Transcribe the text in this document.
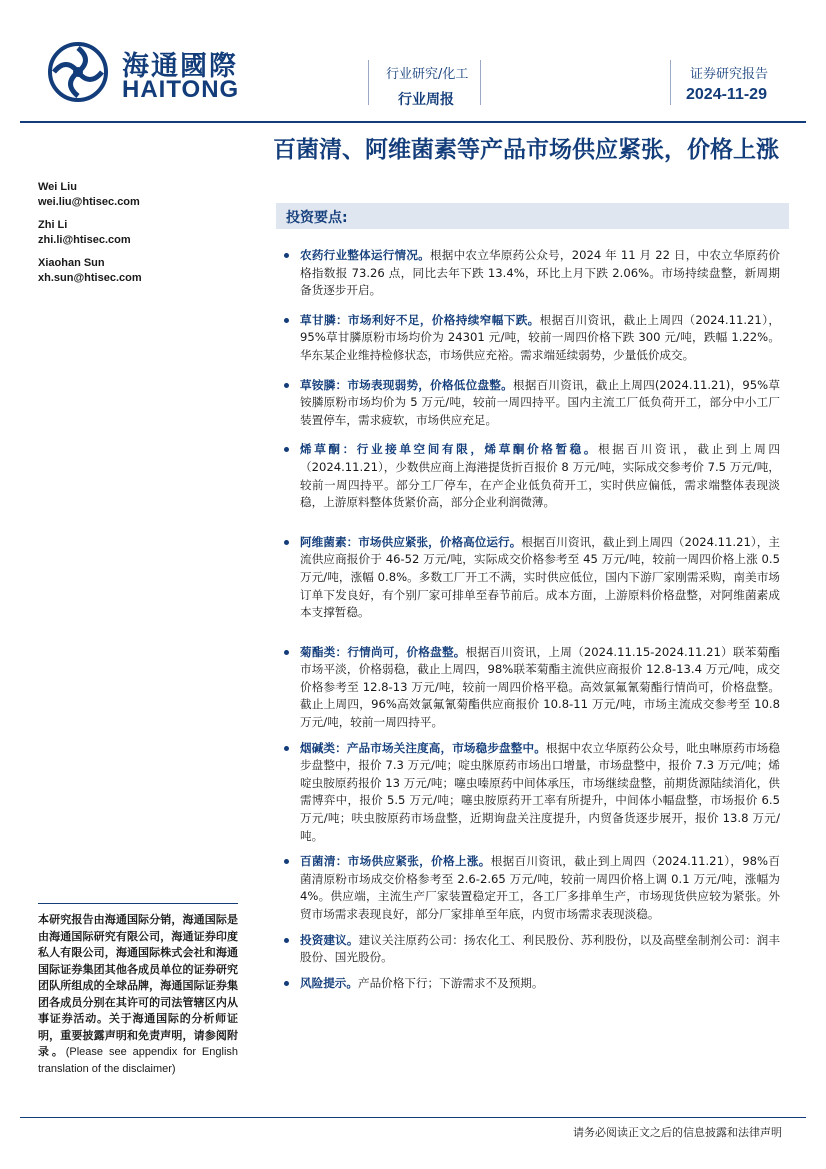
海通國際
HAITONG
行业研究/化工
行业周报
证券研究报告
2024-11-29
百菌清、阿维菌素等产品市场供应紧张，价格上涨
Wei Liu
wei.liu@htisec.com
Zhi Li
zhi.li@htisec.com
Xiaohan Sun
xh.sun@htisec.com
投资要点:
农药行业整体运行情况。根据中农立华原药公众号，2024 年 11 月 22 日，中农立华原药价格指数报 73.26 点，同比去年下跌 13.4%，环比上月下跌 2.06%。市场持续盘整，新周期备货逐步开启。
草甘膦：市场利好不足，价格持续窄幅下跌。根据百川资讯，截止上周四（2024.11.21），95%草甘膦原粉市场均价为 24301 元/吨，较前一周四价格下跌 300 元/吨，跌幅 1.22%。华东某企业维持检修状态，市场供应充裕。需求端延续弱势，少量低价成交。
草铵膦：市场表现弱势，价格低位盘整。根据百川资讯，截止上周四(2024.11.21)，95%草铵膦原粉市场均价为 5 万元/吨，较前一周四持平。国内主流工厂低负荷开工，部分中小工厂装置停车，需求疲软，市场供应充足。
烯草酮：行业接单空间有限，烯草酮价格暂稳。根据百川资讯，截止到上周四（2024.11.21），少数供应商上海港提货折百报价 8 万元/吨，实际成交参考价 7.5 万元/吨，较前一周四持平。部分工厂停车，在产企业低负荷开工，实时供应偏低，需求端整体表现淡稳，上游原料整体货紧价高，部分企业利润微薄。
阿维菌素：市场供应紧张，价格高位运行。根据百川资讯，截止到上周四（2024.11.21），主流供应商报价于 46-52 万元/吨，实际成交价格参考至 45 万元/吨，较前一周四价格上涨 0.5 万元/吨，涨幅 0.8%。多数工厂开工不满，实时供应低位，国内下游厂家刚需采购，南美市场订单下发良好，有个别厂家可排单至春节前后。成本方面，上游原料价格盘整，对阿维菌素成本支撑暂稳。
菊酯类：行情尚可，价格盘整。根据百川资讯，上周（2024.11.15-2024.11.21）联苯菊酯市场平淡，价格弱稳，截止上周四，98%联苯菊酯主流供应商报价 12.8-13.4 万元/吨，成交价格参考至 12.8-13 万元/吨，较前一周四价格平稳。高效氯氟氰菊酯行情尚可，价格盘整。截止上周四，96%高效氯氟氰菊酯供应商报价 10.8-11 万元/吨，市场主流成交参考至 10.8 万元/吨，较前一周四持平。
烟碱类：产品市场关注度高，市场稳步盘整中。根据中农立华原药公众号，吡虫啉原药市场稳步盘整中，报价 7.3 万元/吨；啶虫脒原药市场出口增量，市场盘整中，报价 7.3 万元/吨；烯啶虫胺原药报价 13 万元/吨；噻虫嗪原药中间体承压，市场继续盘整，前期货源陆续消化，供需博弈中，报价 5.5 万元/吨；噻虫胺原药开工率有所提升，中间体小幅盘整，市场报价 6.5 万元/吨；呋虫胺原药市场盘整，近期询盘关注度提升，内贸备货逐步展开，报价 13.8 万元/吨。
百菌清：市场供应紧张，价格上涨。根据百川资讯，截止到上周四（2024.11.21），98%百菌清原粉市场成交价格参考至 2.6-2.65 万元/吨，较前一周四价格上调 0.1 万元/吨，涨幅为 4%。供应端，主流生产厂家装置稳定开工，各工厂多排单生产，市场现货供应较为紧张。外贸市场需求表现良好，部分厂家排单至年底，内贸市场需求表现淡稳。
投资建议。建议关注原药公司：扬农化工、利民股份、苏利股份，以及高壁垒制剂公司：润丰股份、国光股份。
风险提示。产品价格下行；下游需求不及预期。
本研究报告由海通国际分销，海通国际是由海通国际研究有限公司，海通证券印度私人有限公司，海通国际株式会社和海通国际证券集团其他各成员单位的证券研究团队所组成的全球品牌，海通国际证券集团各成员分别在其许可的司法管辖区内从事证券活动。关于海通国际的分析师证明，重要披露声明和免责声明，请参阅附录。(Please see appendix for English translation of the disclaimer)
请务必阅读正文之后的信息披露和法律声明
